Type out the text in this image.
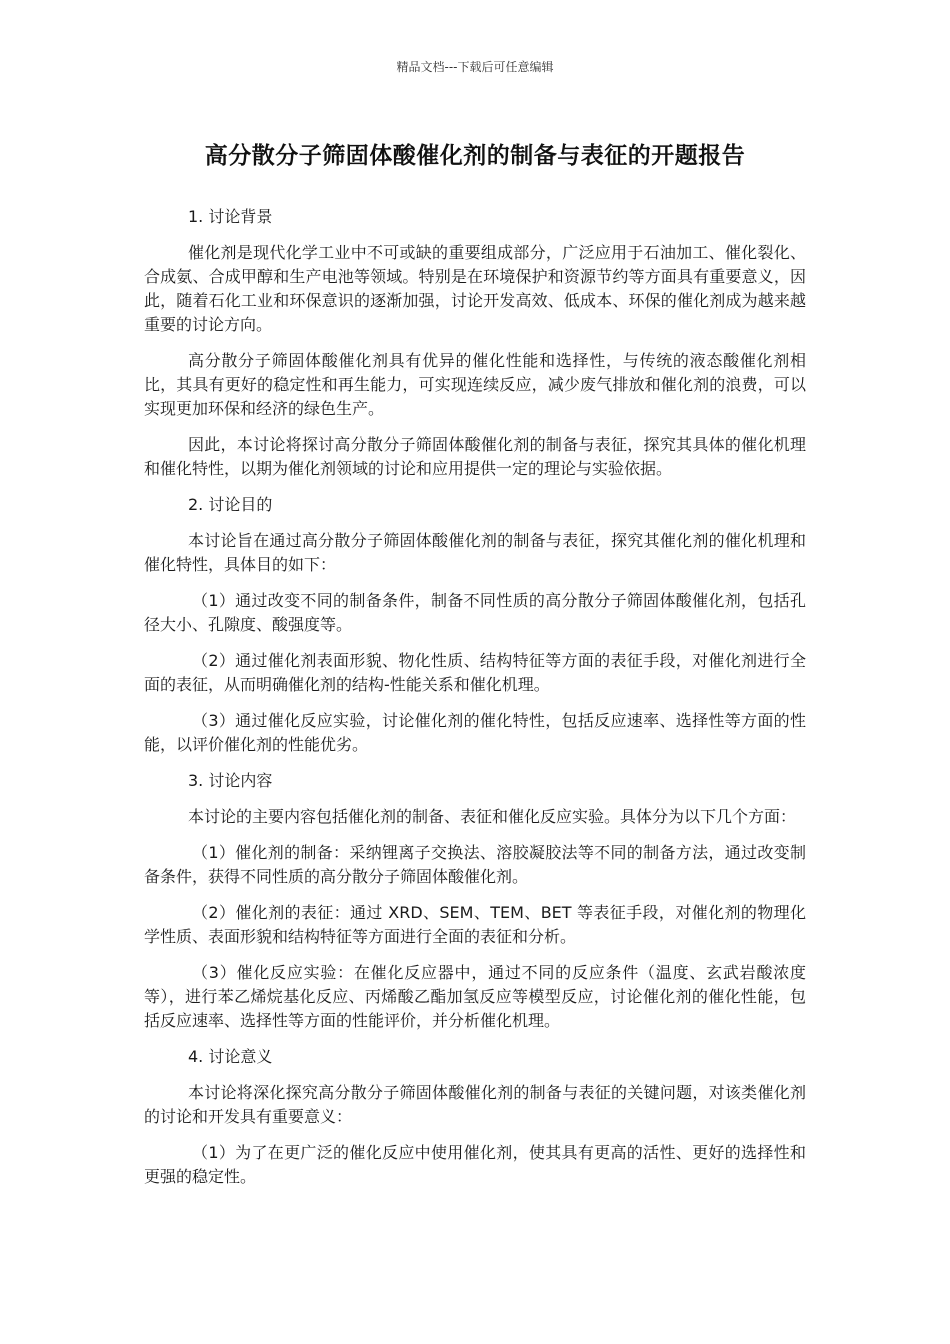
精品文档---下载后可任意编辑
高分散分子筛固体酸催化剂的制备与表征的开题报告

1. 讨论背景

催化剂是现代化学工业中不可或缺的重要组成部分，广泛应用于石油加工、催化裂化、合成氨、合成甲醇和生产电池等领域。特别是在环境保护和资源节约等方面具有重要意义，因此，随着石化工业和环保意识的逐渐加强，讨论开发高效、低成本、环保的催化剂成为越来越重要的讨论方向。

高分散分子筛固体酸催化剂具有优异的催化性能和选择性，与传统的液态酸催化剂相比，其具有更好的稳定性和再生能力，可实现连续反应，减少废气排放和催化剂的浪费，可以实现更加环保和经济的绿色生产。

因此，本讨论将探讨高分散分子筛固体酸催化剂的制备与表征，探究其具体的催化机理和催化特性，以期为催化剂领域的讨论和应用提供一定的理论与实验依据。

2. 讨论目的

本讨论旨在通过高分散分子筛固体酸催化剂的制备与表征，探究其催化剂的催化机理和催化特性，具体目的如下：

（1）通过改变不同的制备条件，制备不同性质的高分散分子筛固体酸催化剂，包括孔径大小、孔隙度、酸强度等。

（2）通过催化剂表面形貌、物化性质、结构特征等方面的表征手段，对催化剂进行全面的表征，从而明确催化剂的结构-性能关系和催化机理。

（3）通过催化反应实验，讨论催化剂的催化特性，包括反应速率、选择性等方面的性能，以评价催化剂的性能优劣。

3. 讨论内容

本讨论的主要内容包括催化剂的制备、表征和催化反应实验。具体分为以下几个方面：

（1）催化剂的制备：采纳锂离子交换法、溶胶凝胶法等不同的制备方法，通过改变制备条件，获得不同性质的高分散分子筛固体酸催化剂。

（2）催化剂的表征：通过 XRD、SEM、TEM、BET 等表征手段，对催化剂的物理化学性质、表面形貌和结构特征等方面进行全面的表征和分析。

（3）催化反应实验：在催化反应器中，通过不同的反应条件（温度、玄武岩酸浓度等），进行苯乙烯烷基化反应、丙烯酸乙酯加氢反应等模型反应，讨论催化剂的催化性能，包括反应速率、选择性等方面的性能评价，并分析催化机理。

4. 讨论意义

本讨论将深化探究高分散分子筛固体酸催化剂的制备与表征的关键问题，对该类催化剂的讨论和开发具有重要意义：

（1）为了在更广泛的催化反应中使用催化剂，使其具有更高的活性、更好的选择性和更强的稳定性。
